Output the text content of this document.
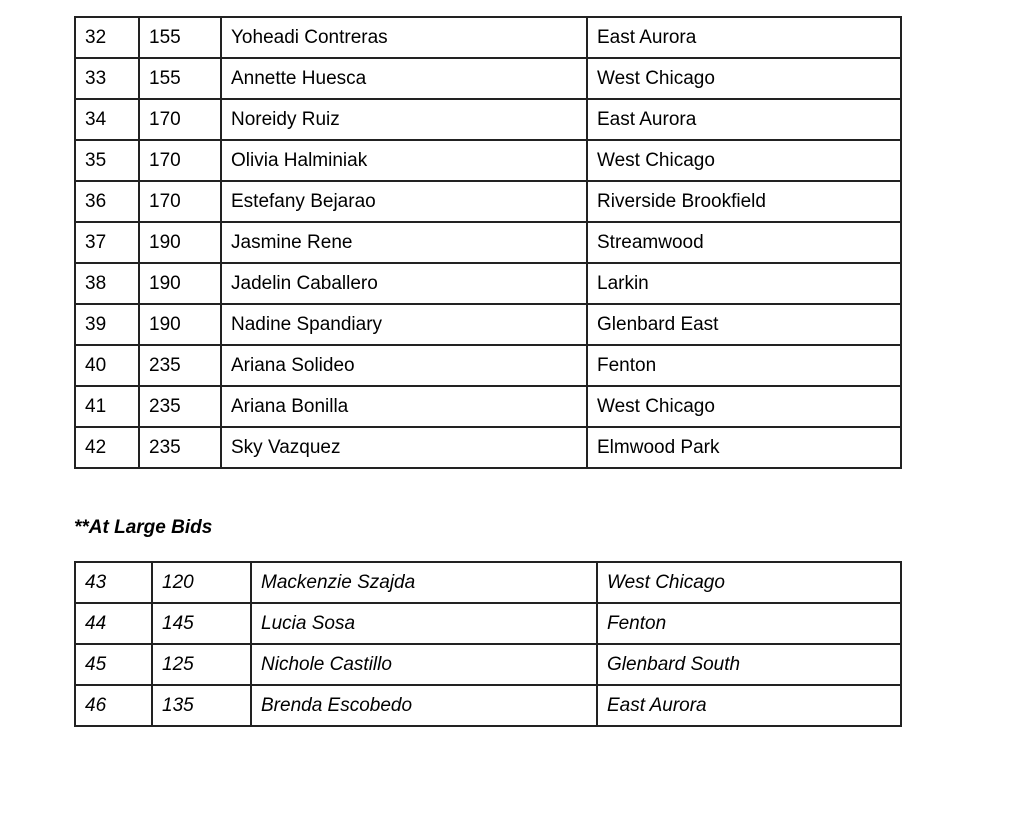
32	155	Yoheadi Contreras	East Aurora
33	155	Annette Huesca	West Chicago
34	170	Noreidy Ruiz	East Aurora
35	170	Olivia Halminiak	West Chicago
36	170	Estefany Bejarao	Riverside Brookfield
37	190	Jasmine Rene	Streamwood
38	190	Jadelin Caballero	Larkin
39	190	Nadine Spandiary	Glenbard East
40	235	Ariana Solideo	Fenton
41	235	Ariana Bonilla	West Chicago
42	235	Sky Vazquez	Elmwood Park

**At Large Bids

43	120	Mackenzie Szajda	West Chicago
44	145	Lucia Sosa	Fenton
45	125	Nichole Castillo	Glenbard South
46	135	Brenda Escobedo	East Aurora
